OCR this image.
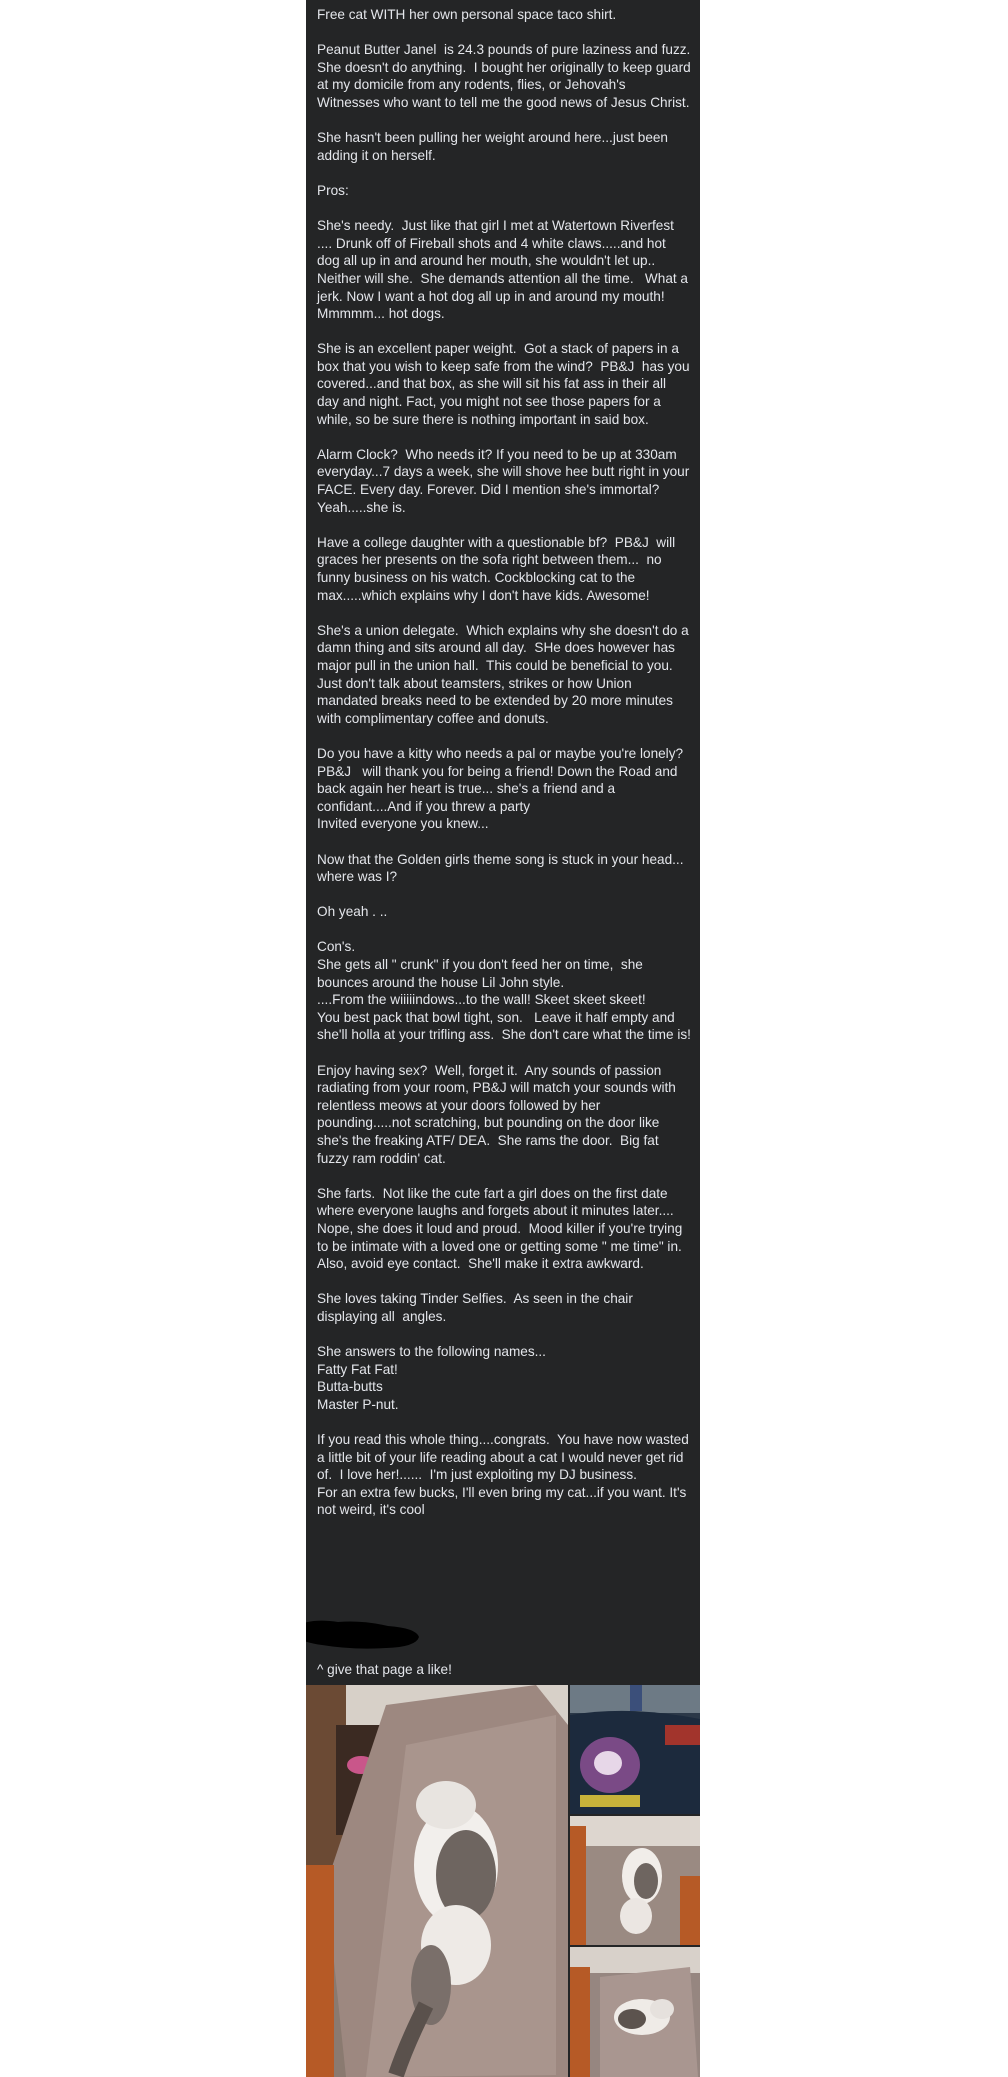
Free cat WITH her own personal space taco shirt.

Peanut Butter Janel  is 24.3 pounds of pure laziness and fuzz.  She doesn't do anything.  I bought her originally to keep guard at my domicile from any rodents, flies, or Jehovah's Witnesses who want to tell me the good news of Jesus Christ.

She hasn't been pulling her weight around here...just been adding it on herself.

Pros:

She's needy.  Just like that girl I met at Watertown Riverfest .... Drunk off of Fireball shots and 4 white claws.....and hot dog all up in and around her mouth, she wouldn't let up..  Neither will she.  She demands attention all the time.   What a jerk. Now I want a hot dog all up in and around my mouth!  Mmmmm... hot dogs.

She is an excellent paper weight.  Got a stack of papers in a box that you wish to keep safe from the wind?  PB&J  has you covered...and that box, as she will sit his fat ass in their all day and night. Fact, you might not see those papers for a while, so be sure there is nothing important in said box.

Alarm Clock?  Who needs it? If you need to be up at 330am everyday...7 days a week, she will shove hee butt right in your FACE. Every day. Forever. Did I mention she's immortal?  Yeah.....she is.

Have a college daughter with a questionable bf?  PB&J  will graces her presents on the sofa right between them...  no funny business on his watch. Cockblocking cat to the max.....which explains why I don't have kids. Awesome!

She's a union delegate.  Which explains why she doesn't do a damn thing and sits around all day.  SHe does however has major pull in the union hall.  This could be beneficial to you.  Just don't talk about teamsters, strikes or how Union mandated breaks need to be extended by 20 more minutes with complimentary coffee and donuts.

Do you have a kitty who needs a pal or maybe you're lonely?  PB&J   will thank you for being a friend! Down the Road and back again her heart is true... she's a friend and a confidant....And if you threw a party
Invited everyone you knew...

Now that the Golden girls theme song is stuck in your head... where was I?

Oh yeah . ..

Con's.
She gets all " crunk" if you don't feed her on time,  she bounces around the house Lil John style.
....From the wiiiiindows...to the wall! Skeet skeet skeet!
You best pack that bowl tight, son.   Leave it half empty and she'll holla at your trifling ass.  She don't care what the time is!

Enjoy having sex?  Well, forget it.  Any sounds of passion radiating from your room, PB&J will match your sounds with relentless meows at your doors followed by her pounding.....not scratching, but pounding on the door like she's the freaking ATF/ DEA.  She rams the door.  Big fat fuzzy ram roddin' cat.

She farts.  Not like the cute fart a girl does on the first date where everyone laughs and forgets about it minutes later.... Nope, she does it loud and proud.  Mood killer if you're trying to be intimate with a loved one or getting some " me time" in.  Also, avoid eye contact.  She'll make it extra awkward.

She loves taking Tinder Selfies.  As seen in the chair displaying all  angles.

She answers to the following names...
Fatty Fat Fat!
Butta-butts
Master P-nut.

If you read this whole thing....congrats.  You have now wasted a little bit of your life reading about a cat I would never get rid of.  I love her!......  I'm just exploiting my DJ business.
For an extra few bucks, I'll even bring my cat...if you want. It's not weird, it's cool
^ give that page a like!
